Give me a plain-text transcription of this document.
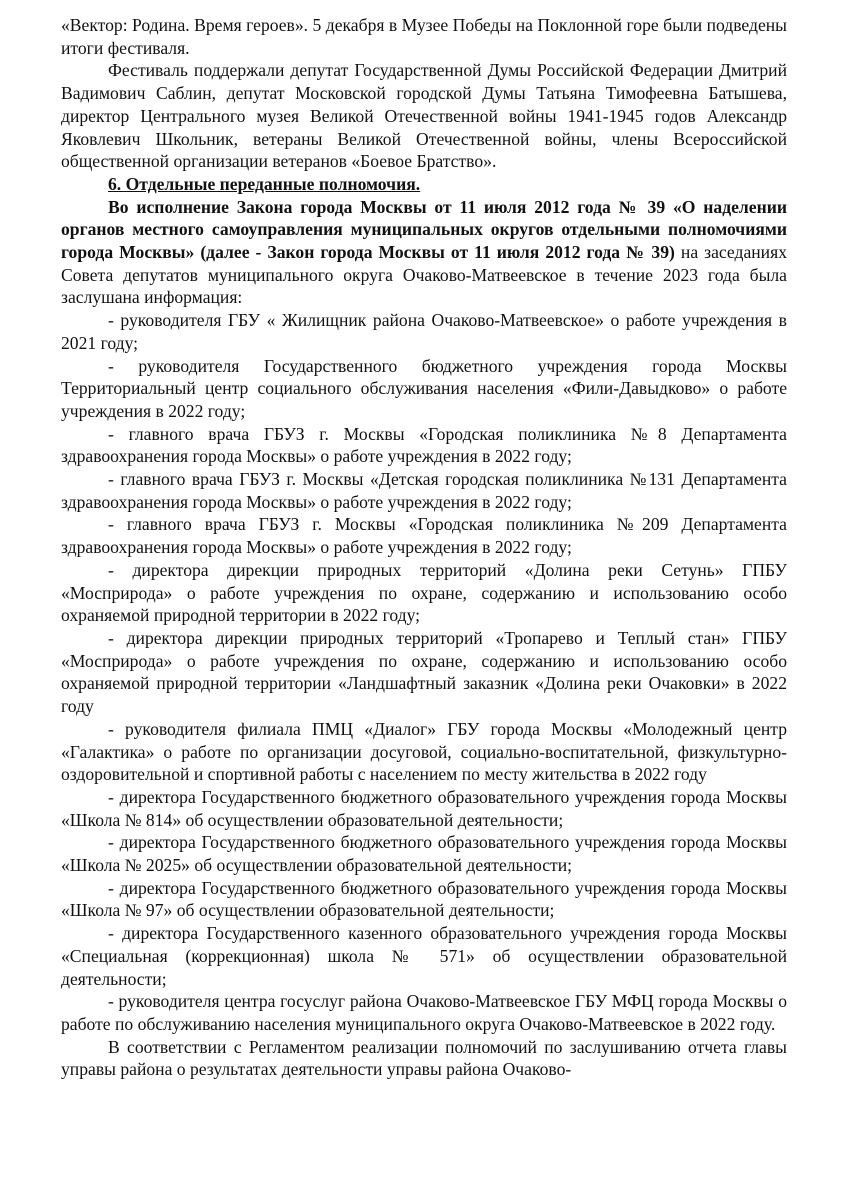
«Вектор: Родина. Время героев». 5 декабря в Музее Победы на Поклонной горе были подведены итоги фестиваля.

Фестиваль поддержали депутат Государственной Думы Российской Федерации Дмитрий Вадимович Саблин, депутат Московской городской Думы Татьяна Тимофеевна Батышева, директор Центрального музея Великой Отечественной войны 1941-1945 годов Александр Яковлевич Школьник, ветераны Великой Отечественной войны, члены Всероссийской общественной организации ветеранов «Боевое Братство».

6. Отдельные переданные полномочия.

Во исполнение Закона города Москвы от 11 июля 2012 года № 39 «О наделении органов местного самоуправления муниципальных округов отдельными полномочиями города Москвы» (далее - Закон города Москвы от 11 июля 2012 года № 39) на заседаниях Совета депутатов муниципального округа Очаково-Матвеевское в течение 2023 года была заслушана информация:

- руководителя ГБУ « Жилищник района Очаково-Матвеевское» о работе учреждения в 2021 году;

- руководителя Государственного бюджетного учреждения города Москвы Территориальный центр социального обслуживания населения «Фили-Давыдково» о работе учреждения в 2022 году;

- главного врача ГБУЗ г. Москвы «Городская поликлиника №8 Департамента здравоохранения города Москвы» о работе учреждения в 2022 году;

- главного врача ГБУЗ г. Москвы «Детская городская поликлиника №131 Департамента здравоохранения города Москвы» о работе учреждения в 2022 году;

- главного врача ГБУЗ г. Москвы «Городская поликлиника №209 Департамента здравоохранения города Москвы» о работе учреждения в 2022 году;

- директора дирекции природных территорий «Долина реки Сетунь» ГПБУ «Мосприрода» о работе учреждения по охране, содержанию и использованию особо охраняемой природной территории в 2022 году;

- директора дирекции природных территорий «Тропарево и Теплый стан» ГПБУ «Мосприрода» о работе учреждения по охране, содержанию и использованию особо охраняемой природной территории «Ландшафтный заказник «Долина реки Очаковки» в 2022 году

- руководителя филиала ПМЦ «Диалог» ГБУ города Москвы «Молодежный центр «Галактика» о работе по организации досуговой, социально-воспитательной, физкультурно-оздоровительной и спортивной работы с населением по месту жительства в 2022 году

- директора Государственного бюджетного образовательного учреждения города Москвы «Школа № 814» об осуществлении образовательной деятельности;

- директора Государственного бюджетного образовательного учреждения города Москвы «Школа № 2025» об осуществлении образовательной деятельности;

- директора Государственного бюджетного образовательного учреждения города Москвы «Школа № 97» об осуществлении образовательной деятельности;

- директора Государственного казенного образовательного учреждения города Москвы «Специальная (коррекционная) школа № 571» об осуществлении образовательной деятельности;

- руководителя центра госуслуг района Очаково-Матвеевское ГБУ МФЦ города Москвы о работе по обслуживанию населения муниципального округа Очаково-Матвеевское в 2022 году.

В соответствии с Регламентом реализации полномочий по заслушиванию отчета главы управы района о результатах деятельности управы района Очаково-
